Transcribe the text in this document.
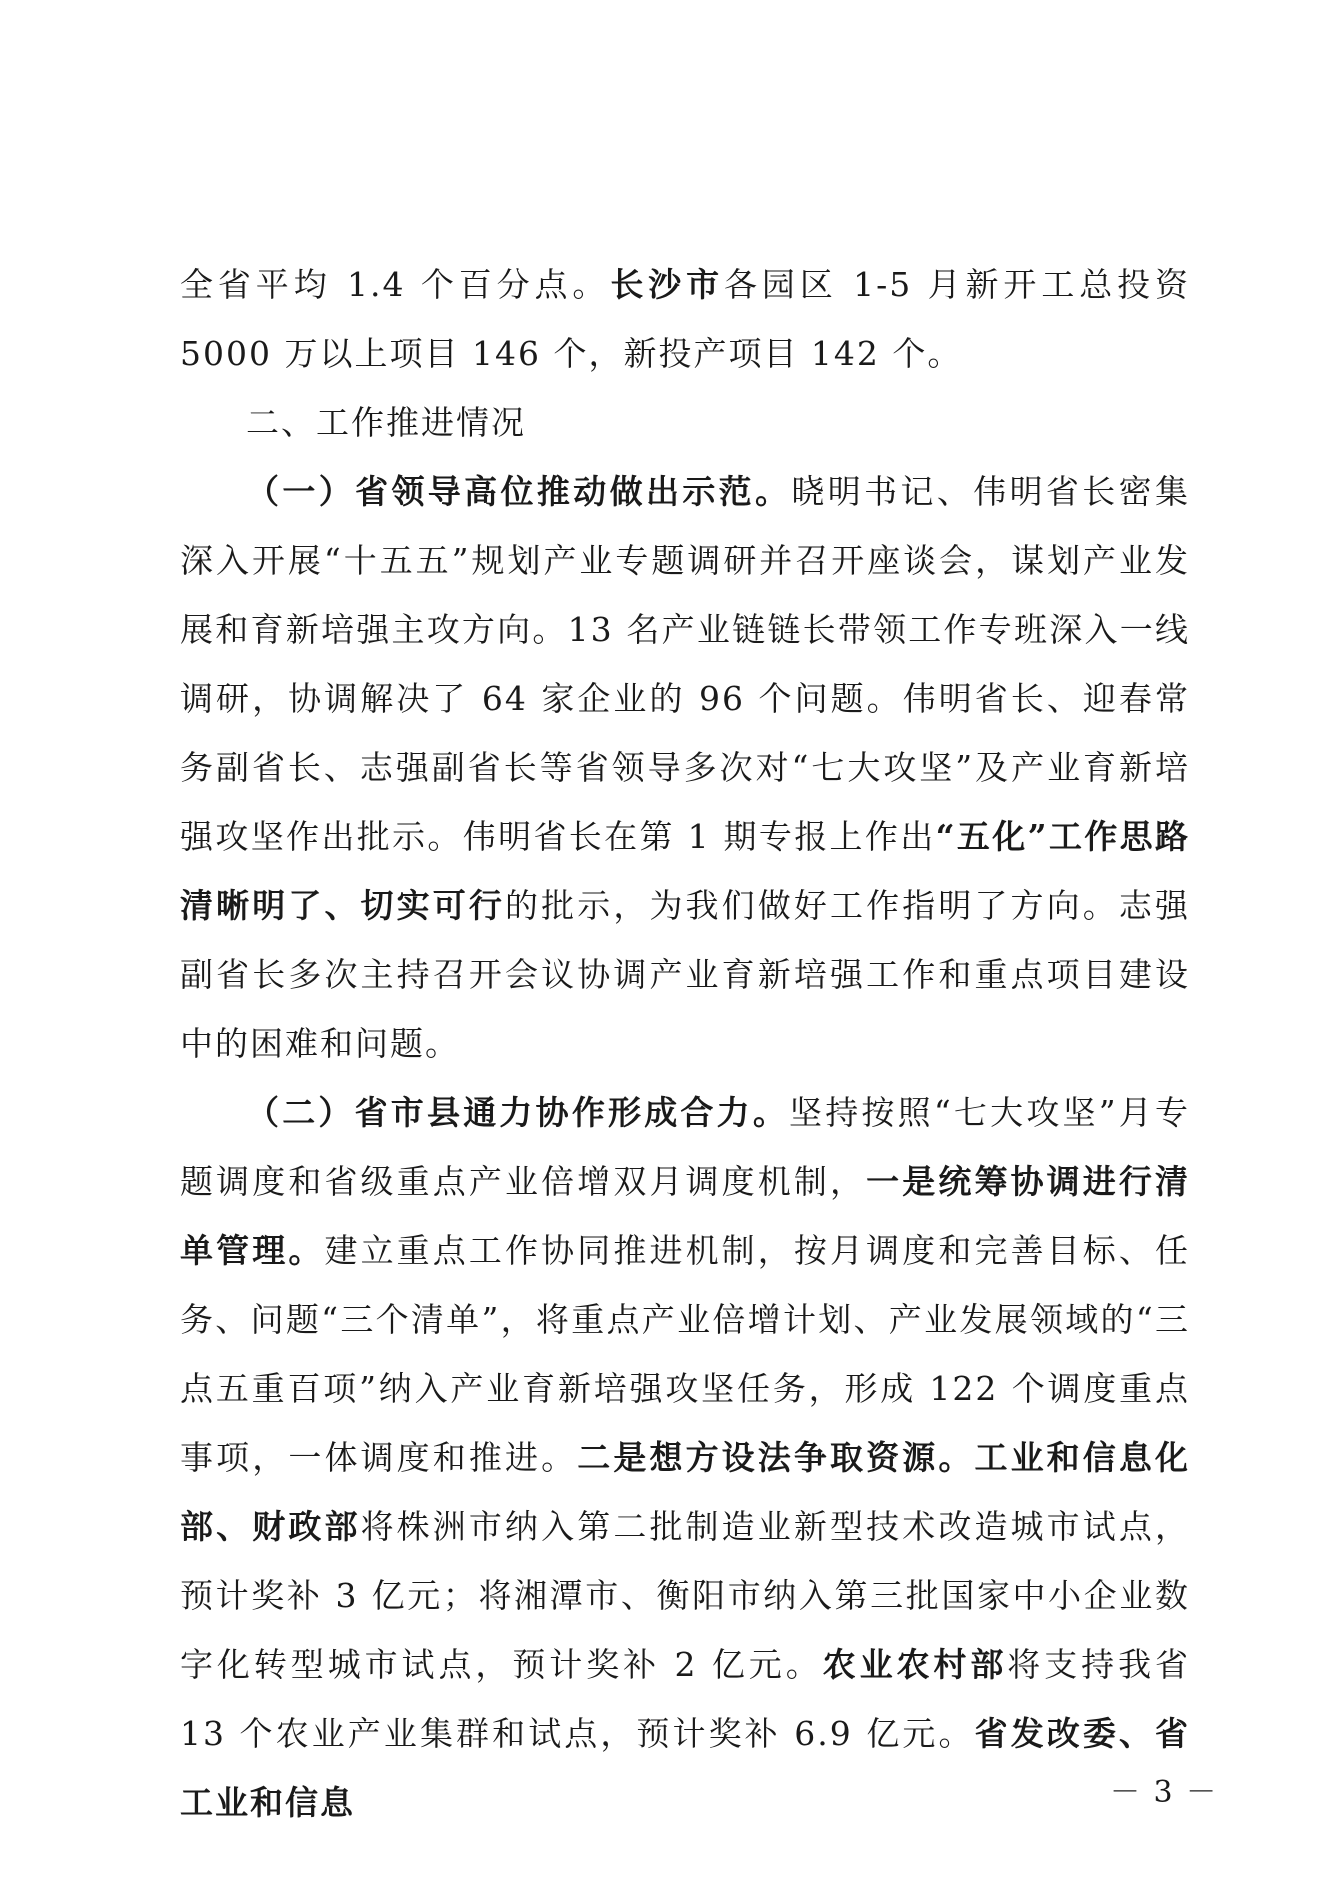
全省平均 1.4 个百分点。长沙市各园区 1-5 月新开工总投资 5000 万以上项目 146 个，新投产项目 142 个。

二、工作推进情况

（一）省领导高位推动做出示范。晓明书记、伟明省长密集深入开展“十五五”规划产业专题调研并召开座谈会，谋划产业发展和育新培强主攻方向。13 名产业链链长带领工作专班深入一线调研，协调解决了 64 家企业的 96 个问题。伟明省长、迎春常务副省长、志强副省长等省领导多次对“七大攻坚”及产业育新培强攻坚作出批示。伟明省长在第 1 期专报上作出“五化”工作思路清晰明了、切实可行的批示，为我们做好工作指明了方向。志强副省长多次主持召开会议协调产业育新培强工作和重点项目建设中的困难和问题。

（二）省市县通力协作形成合力。坚持按照“七大攻坚”月专题调度和省级重点产业倍增双月调度机制，一是统筹协调进行清单管理。建立重点工作协同推进机制，按月调度和完善目标、任务、问题“三个清单”，将重点产业倍增计划、产业发展领域的“三点五重百项”纳入产业育新培强攻坚任务，形成 122 个调度重点事项，一体调度和推进。二是想方设法争取资源。工业和信息化部、财政部将株洲市纳入第二批制造业新型技术改造城市试点，预计奖补 3 亿元；将湘潭市、衡阳市纳入第三批国家中小企业数字化转型城市试点，预计奖补 2 亿元。农业农村部将支持我省 13 个农业产业集群和试点，预计奖补 6.9 亿元。省发改委、省工业和信息	－ 3 －
